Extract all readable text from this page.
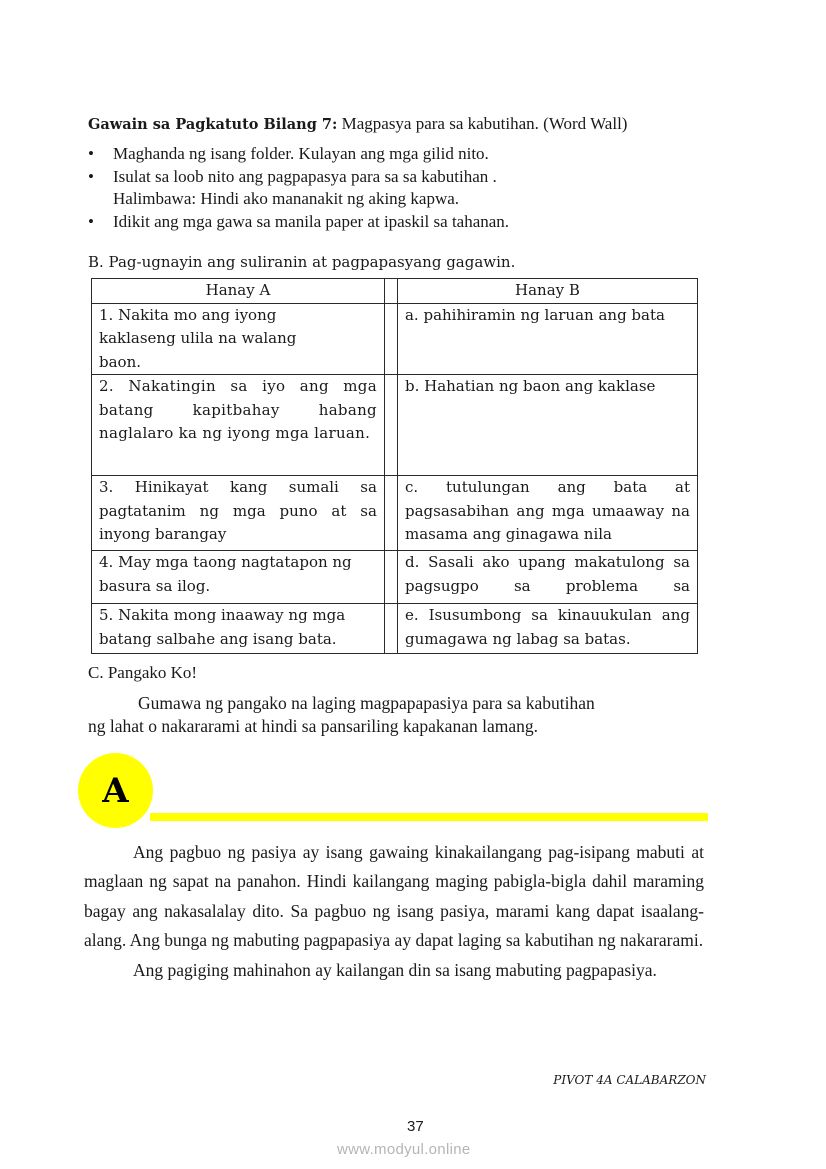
Gawain sa Pagkatuto Bilang 7: Magpasya para sa kabutihan. (Word Wall)
• Maghanda ng isang folder. Kulayan ang mga gilid nito.
• Isulat sa loob nito ang pagpapasya para sa sa kabutihan .
Halimbawa: Hindi ako mananakit ng aking kapwa.
• Idikit ang mga gawa sa manila paper at ipaskil sa tahanan.
B. Pag-ugnayin ang suliranin at pagpapasyang gagawin.
Hanay A		Hanay B

1. Nakita mo ang iyong kaklaseng ulila na walang baon.		a. pahihiramin ng laruan ang bata
2. Nakatingin sa iyo ang mga batang kapitbahay habang naglalaro ka ng iyong mga laruan.		b. Hahatian ng baon ang kaklase
3. Hinikayat kang sumali sa pagtatanim ng mga puno at sa inyong barangay		c. tutulungan ang bata at pagsasabihan ang mga umaaway na masama ang ginagawa nila
4. May mga taong nagtatapon ng basura sa ilog.		d. Sasali ako upang makatulong sa pagsugpo sa problema sa

5. Nakita mong inaaway ng mga batang salbahe ang isang bata.		e. Isusumbong sa kinauukulan ang gumagawa ng labag sa batas.
C. Pangako Ko!
Gumawa ng pangako na laging magpapapasiya para sa kabutihan
ng lahat o nakararami at hindi sa pansariling kapakanan lamang.
A

Ang pagbuo ng pasiya ay isang gawaing kinakailangang pag-isipang mabuti at maglaan ng sapat na panahon. Hindi kailangang maging pabigla-bigla dahil maraming bagay ang nakasalalay dito. Sa pagbuo ng isang pasiya, marami kang dapat isaalang-alang. Ang bunga ng mabuting pagpapasiya ay dapat laging sa kabutihan ng nakararami.

Ang pagiging mahinahon ay kailangan din sa isang mabuting pagpapasiya.

PIVOT 4A CALABARZON
37
www.modyul.online
